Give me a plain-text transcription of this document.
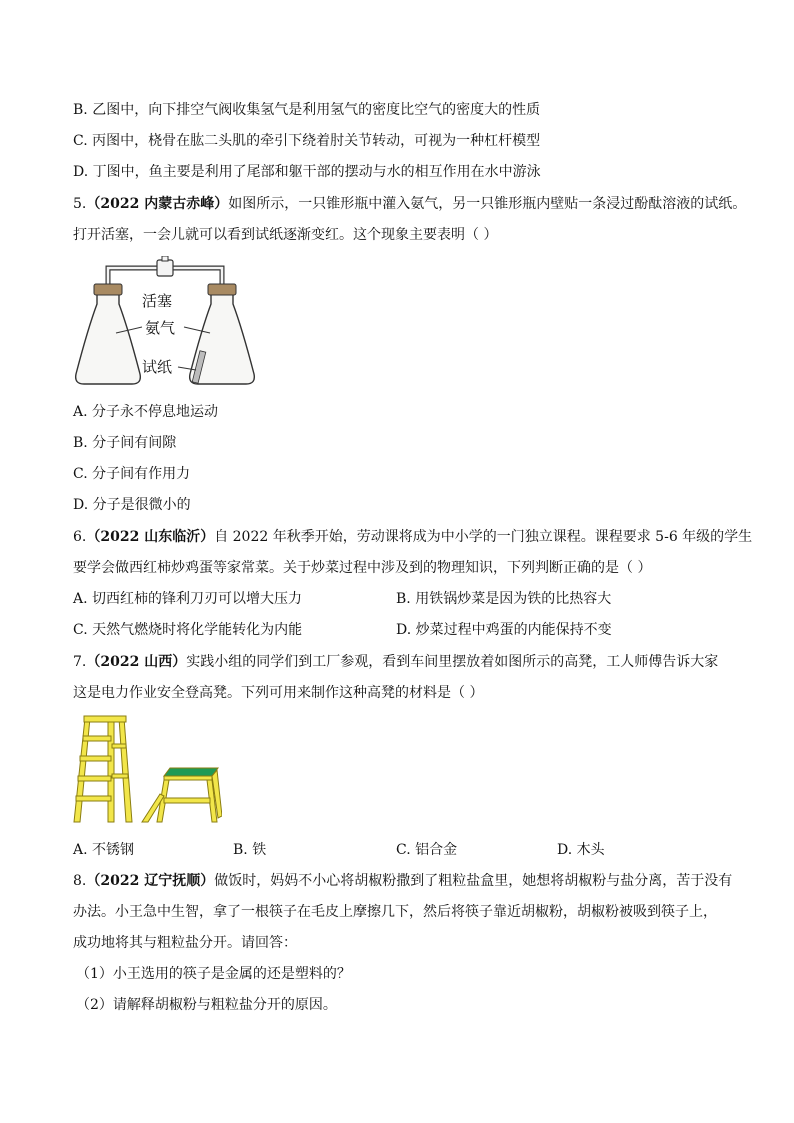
B. 乙图中，向下排空气阀收集氢气是利用氢气的密度比空气的密度大的性质
C. 丙图中，桡骨在肱二头肌的牵引下绕着肘关节转动，可视为一种杠杆模型
D. 丁图中，鱼主要是利用了尾部和躯干部的摆动与水的相互作用在水中游泳
5.（2022 内蒙古赤峰）如图所示，一只锥形瓶中灌入氨气，另一只锥形瓶内壁贴一条浸过酚酞溶液的试纸。
打开活塞，一会儿就可以看到试纸逐渐变红。这个现象主要表明（ ）
活塞
氨气
试纸
A. 分子永不停息地运动
B. 分子间有间隙
C. 分子间有作用力
D. 分子是很微小的
6.（2022 山东临沂）自 2022 年秋季开始，劳动课将成为中小学的一门独立课程。课程要求 5-6 年级的学生
要学会做西红柿炒鸡蛋等家常菜。关于炒菜过程中涉及到的物理知识，下列判断正确的是（ ）
A. 切西红柿的锋利刀刃可以增大压力	B. 用铁锅炒菜是因为铁的比热容大
C. 天然气燃烧时将化学能转化为内能	D. 炒菜过程中鸡蛋的内能保持不变
7.（2022 山西）实践小组的同学们到工厂参观，看到车间里摆放着如图所示的高凳，工人师傅告诉大家
这是电力作业安全登高凳。下列可用来制作这种高凳的材料是（ ）
A. 不锈钢	B. 铁	C. 铝合金	D. 木头
8.（2022 辽宁抚顺）做饭时，妈妈不小心将胡椒粉撒到了粗粒盐盒里，她想将胡椒粉与盐分离，苦于没有
办法。小王急中生智，拿了一根筷子在毛皮上摩擦几下，然后将筷子靠近胡椒粉，胡椒粉被吸到筷子上，
成功地将其与粗粒盐分开。请回答：
（1）小王选用的筷子是金属的还是塑料的？
（2）请解释胡椒粉与粗粒盐分开的原因。
